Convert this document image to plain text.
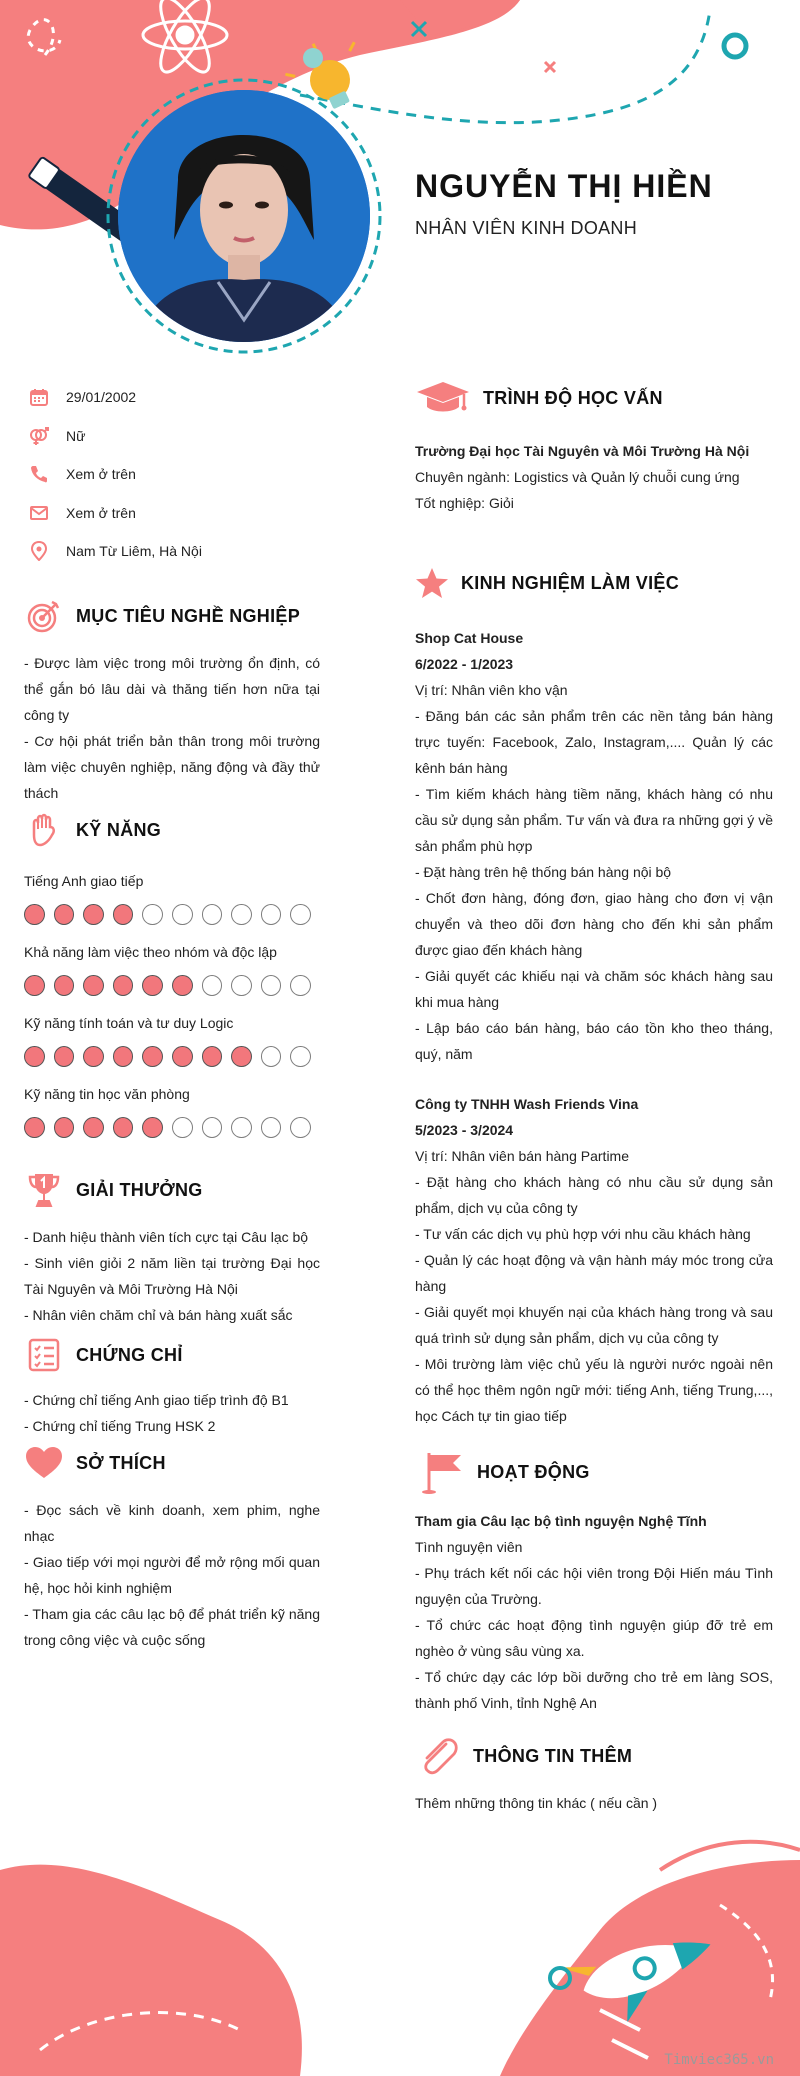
NGUYỄN THỊ HIỀN
NHÂN VIÊN KINH DOANH
29/01/2002
Nữ
Xem ở trên
Xem ở trên
Nam Từ Liêm, Hà Nội
MỤC TIÊU NGHỀ NGHIỆP

- Được làm việc trong môi trường ổn định, có thể gắn bó lâu dài và thăng tiến hơn nữa tại công ty

- Cơ hội phát triển bản thân trong môi trường làm việc chuyên nghiệp, năng động và đầy thử thách

KỸ NĂNG
Tiếng Anh giao tiếp
Khả năng làm việc theo nhóm và độc lập
Kỹ năng tính toán và tư duy Logic
Kỹ năng tin học văn phòng
GIẢI THƯỞNG

- Danh hiệu thành viên tích cực tại Câu lạc bộ

- Sinh viên giỏi 2 năm liền tại trường Đại học Tài Nguyên và Môi Trường Hà Nội

- Nhân viên chăm chỉ và bán hàng xuất sắc

CHỨNG CHỈ

- Chứng chỉ tiếng Anh giao tiếp trình độ B1

- Chứng chỉ tiếng Trung HSK 2

SỞ THÍCH

- Đọc sách về kinh doanh, xem phim, nghe nhạc

- Giao tiếp với mọi người để mở rộng mối quan hệ, học hỏi kinh nghiệm

- Tham gia các câu lạc bộ để phát triển kỹ năng trong công việc và cuộc sống

TRÌNH ĐỘ HỌC VẤN

Trường Đại học Tài Nguyên và Môi Trường Hà Nội

Chuyên ngành: Logistics và Quản lý chuỗi cung ứng

Tốt nghiệp: Giỏi

KINH NGHIỆM LÀM VIỆC

Shop Cat House

6/2022 - 1/2023

Vị trí: Nhân viên kho vận

- Đăng bán các sản phẩm trên các nền tảng bán hàng trực tuyến: Facebook, Zalo, Instagram,.... Quản lý các kênh bán hàng

- Tìm kiếm khách hàng tiềm năng, khách hàng có nhu cầu sử dụng sản phẩm. Tư vấn và đưa ra những gợi ý về sản phẩm phù hợp

- Đặt hàng trên hệ thống bán hàng nội bộ

- Chốt đơn hàng, đóng đơn, giao hàng cho đơn vị vận chuyển và theo dõi đơn hàng cho đến khi sản phẩm được giao đến khách hàng

- Giải quyết các khiếu nại và chăm sóc khách hàng sau khi mua hàng

- Lập báo cáo bán hàng, báo cáo tồn kho theo tháng, quý, năm

Công ty TNHH Wash Friends Vina

5/2023 - 3/2024

Vị trí: Nhân viên bán hàng Partime

- Đặt hàng cho khách hàng có nhu cầu sử dụng sản phẩm, dịch vụ của công ty

- Tư vấn các dịch vụ phù hợp với nhu cầu khách hàng

- Quản lý các hoạt động và vận hành máy móc trong cửa hàng

- Giải quyết mọi khuyến nại của khách hàng trong và sau quá trình sử dụng sản phẩm, dịch vụ của công ty

- Môi trường làm việc chủ yếu là người nước ngoài nên có thể học thêm ngôn ngữ mới: tiếng Anh, tiếng Trung,..., học Cách tự tin giao tiếp

HOẠT ĐỘNG

Tham gia Câu lạc bộ tình nguyện Nghệ Tĩnh

Tình nguyện viên

- Phụ trách kết nối các hội viên trong Đội Hiến máu Tình nguyện của Trường.

- Tổ chức các hoạt động tình nguyện giúp đỡ trẻ em nghèo ở vùng sâu vùng xa.

- Tổ chức dạy các lớp bồi dưỡng cho trẻ em làng SOS, thành phố Vinh, tỉnh Nghệ An

THÔNG TIN THÊM
Thêm những thông tin khác ( nếu cần )
Timviec365.vn
